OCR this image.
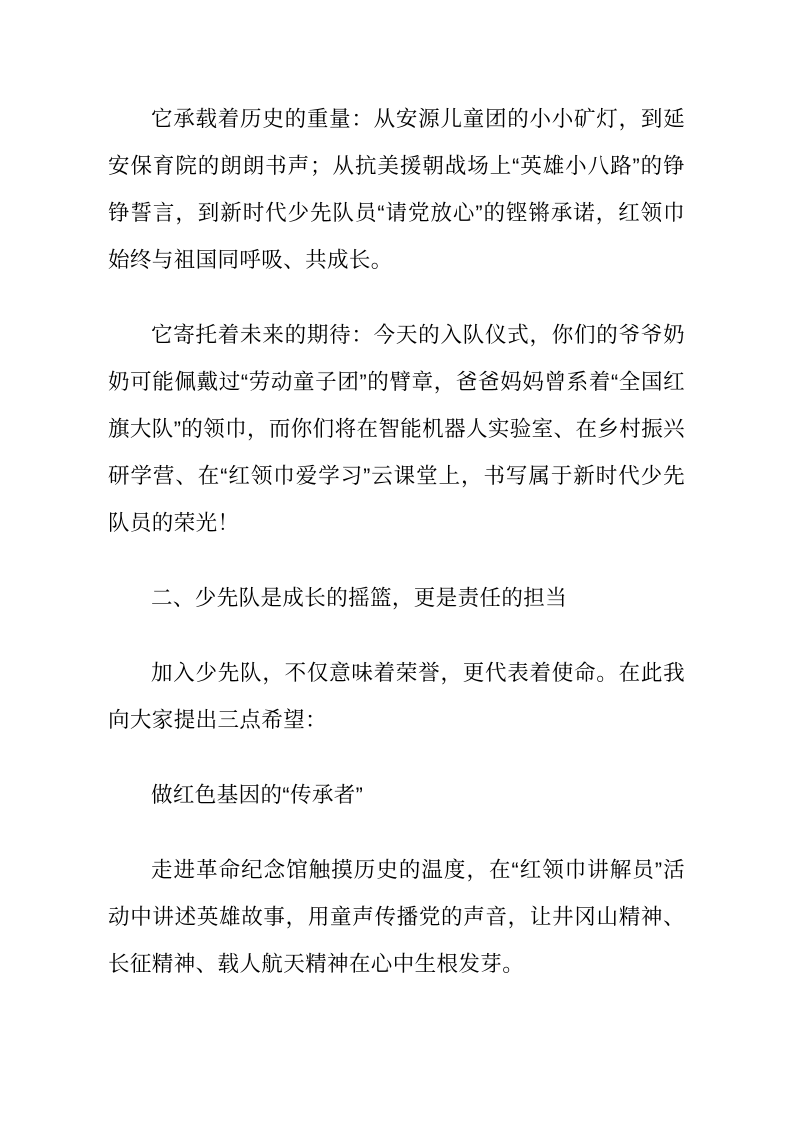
它承载着历史的重量：从安源儿童团的小小矿灯，到延安保育院的朗朗书声；从抗美援朝战场上“英雄小八路”的铮铮誓言，到新时代少先队员“请党放心”的铿锵承诺，红领巾始终与祖国同呼吸、共成长。

它寄托着未来的期待：今天的入队仪式，你们的爷爷奶奶可能佩戴过“劳动童子团”的臂章，爸爸妈妈曾系着“全国红旗大队”的领巾，而你们将在智能机器人实验室、在乡村振兴研学营、在“红领巾爱学习”云课堂上，书写属于新时代少先队员的荣光！

二、少先队是成长的摇篮，更是责任的担当

加入少先队，不仅意味着荣誉，更代表着使命。在此我向大家提出三点希望：

做红色基因的“传承者”

走进革命纪念馆触摸历史的温度，在“红领巾讲解员”活动中讲述英雄故事，用童声传播党的声音，让井冈山精神、长征精神、载人航天精神在心中生根发芽。
